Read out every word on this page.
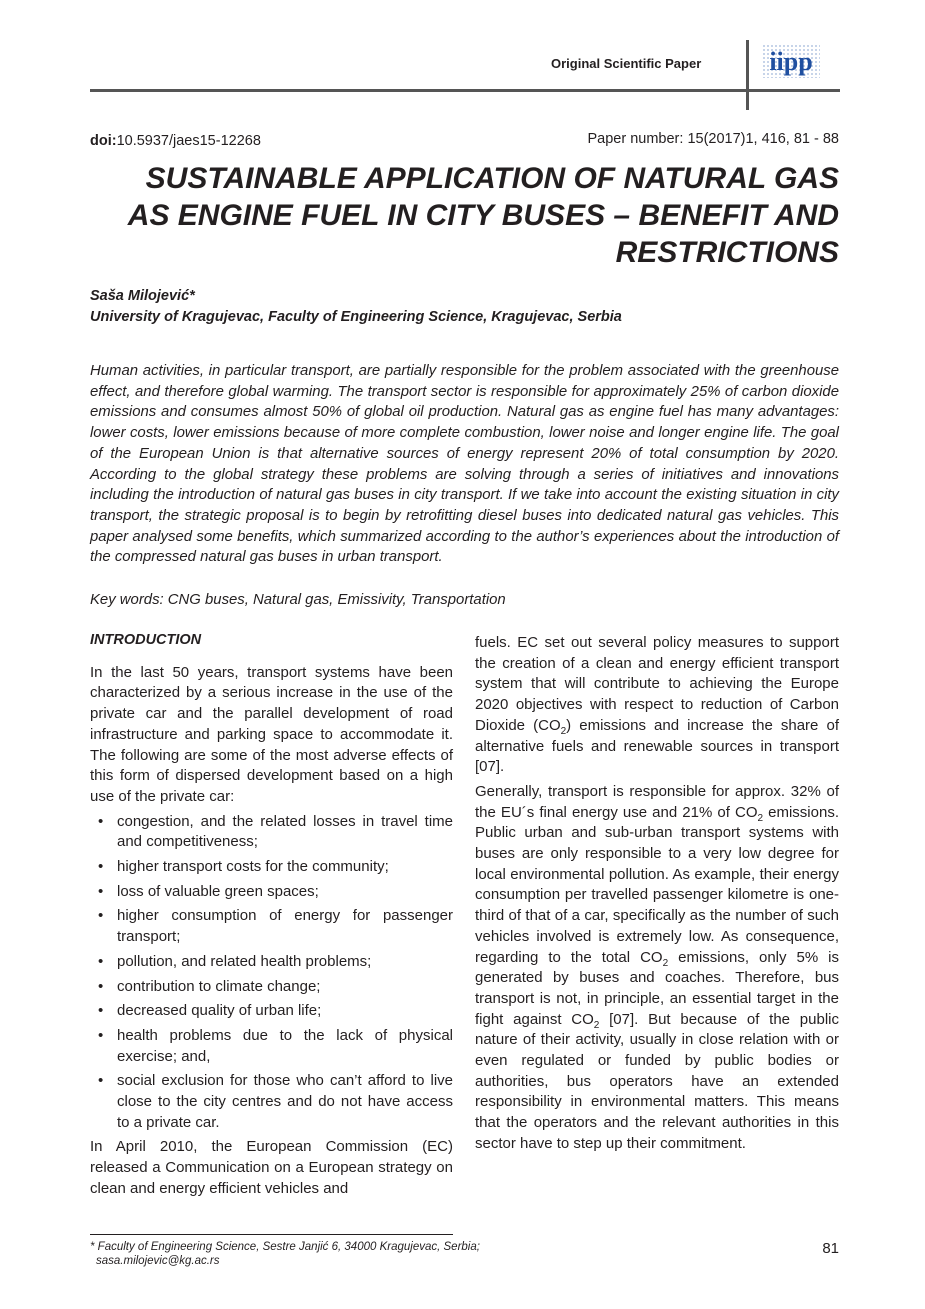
Original Scientific Paper	iipp
doi:10.5937/jaes15-12268	Paper number: 15(2017)1, 416, 81 - 88
SUSTAINABLE APPLICATION OF NATURAL GAS
AS ENGINE FUEL IN CITY BUSES – BENEFIT AND
RESTRICTIONS
Saša Milojević*
University of Kragujevac, Faculty of Engineering Science, Kragujevac, Serbia
Human activities, in particular transport, are partially responsible for the problem associated with the greenhouse effect, and therefore global warming. The transport sector is responsible for approximately 25% of carbon dioxide emissions and consumes almost 50% of global oil production. Natural gas as engine fuel has many advantages: lower costs, lower emissions because of more complete combustion, lower noise and longer engine life. The goal of the European Union is that alternative sources of energy represent 20% of total consumption by 2020. According to the global strategy these problems are solving through a series of initiatives and innovations including the introduction of natural gas buses in city transport. If we take into account the existing situation in city transport, the strategic proposal is to begin by retrofitting diesel buses into dedicated natural gas vehicles. This paper analysed some benefits, which summarized according to the author’s experiences about the introduction of the compressed natural gas buses in urban transport.
Key words: CNG buses, Natural gas, Emissivity, Transportation
INTRODUCTION

In the last 50 years, transport systems have been characterized by a serious increase in the use of the private car and the parallel development of road infrastructure and parking space to accommodate it. The following are some of the most adverse effects of this form of dispersed development based on a high use of the private car:

• congestion, and the related losses in travel time and competitiveness;
• higher transport costs for the community;
• loss of valuable green spaces;
• higher consumption of energy for passenger transport;
• pollution, and related health problems;
• contribution to climate change;
• decreased quality of urban life;
• health problems due to the lack of physical exercise; and,
• social exclusion for those who can’t afford to live close to the city centres and do not have access to a private car.

In April 2010, the European Commission (EC) released a Communication on a European strategy on clean and energy efficient vehicles and

fuels. EC set out several policy measures to support the creation of a clean and energy efficient transport system that will contribute to achieving the Europe 2020 objectives with respect to reduction of Carbon Dioxide $(CO_2)$ emissions and increase the share of alternative fuels and renewable sources in transport [07].

Generally, transport is responsible for approx. 32% of the EU´s final energy use and 21% of $CO_2$ emissions. Public urban and sub-urban transport systems with buses are only responsible to a very low degree for local environmental pollution. As example, their energy consumption per travelled passenger kilometre is one-third of that of a car, specifically as the number of such vehicles involved is extremely low. As consequence, regarding to the total $CO_2$ emissions, only 5% is generated by buses and coaches. Therefore, bus transport is not, in principle, an essential target in the fight against $CO_2$ [07]. But because of the public nature of their activity, usually in close relation with or even regulated or funded by public bodies or authorities, bus operators have an extended responsibility in environmental matters. This means that the operators and the relevant authorities in this sector have to step up their commitment.

* Faculty of Engineering Science, Sestre Janjić 6, 34000 Kragujevac, Serbia;
sasa.milojevic@kg.ac.rs
81
